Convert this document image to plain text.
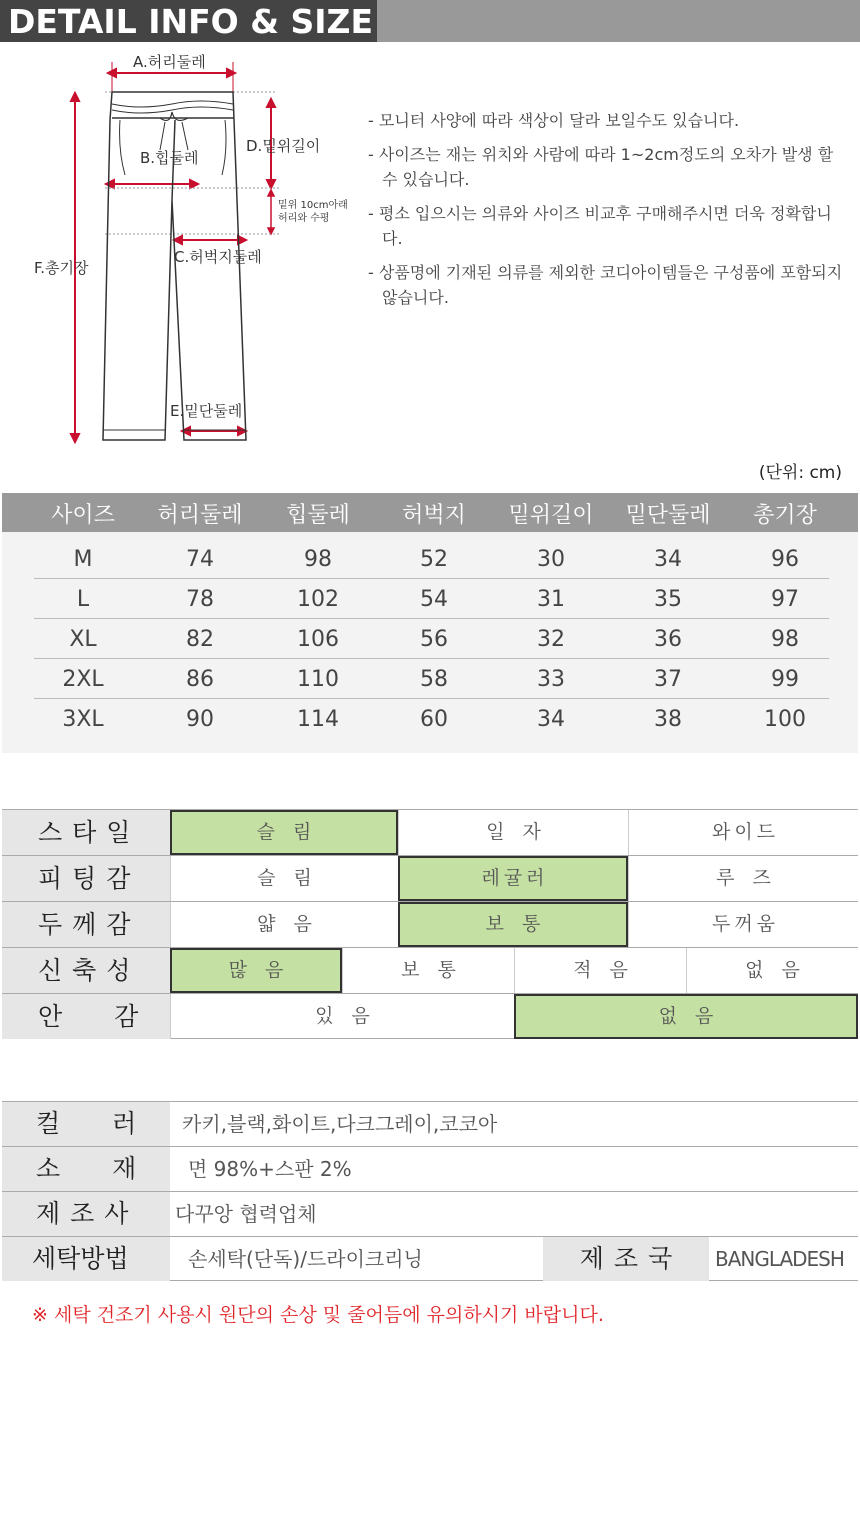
DETAIL INFO & SIZE
A.허리둘레
B.힙둘레
C.허벅지둘레
D.밑위길이
E.밑단둘레
F.총기장
밑위 10cm아래
허리와 수평
- 모니터 사양에 따라 색상이 달라 보일수도 있습니다.
- 사이즈는 재는 위치와 사람에 따라 1~2cm정도의 오차가 발생 할 수 있습니다.
- 평소 입으시는 의류와 사이즈 비교후 구매해주시면 더욱 정확합니다.
- 상품명에 기재된 의류를 제외한 코디아이템들은 구성품에 포함되지 않습니다.
(단위: cm)
사이즈 허리둘레 힙둘레 허벅지 밑위길이 밑단둘레 총기장
M	74	98	52	30	34	96
L	78	102	54	31	35	97
XL	82	106	56	32	36	98
2XL	86	110	58	33	37	99
3XL	90	114	60	34	38	100
스타일	슬림	일자	와이드
피팅감	슬림	레귤러	루즈
두께감	얇음	보통	두꺼움
신축성	많음	보통	적음	없음
안감	있음	없음
컬러
카키,블랙,화이트,다크그레이,코코아
소재 면 98%+스판 2%
제조사	다꾸앙 협력업체
세탁방법	손세탁(단독)/드라이크리닝	제조국	BANGLADESH
※ 세탁 건조기 사용시 원단의 손상 및 줄어듬에 유의하시기 바랍니다.
